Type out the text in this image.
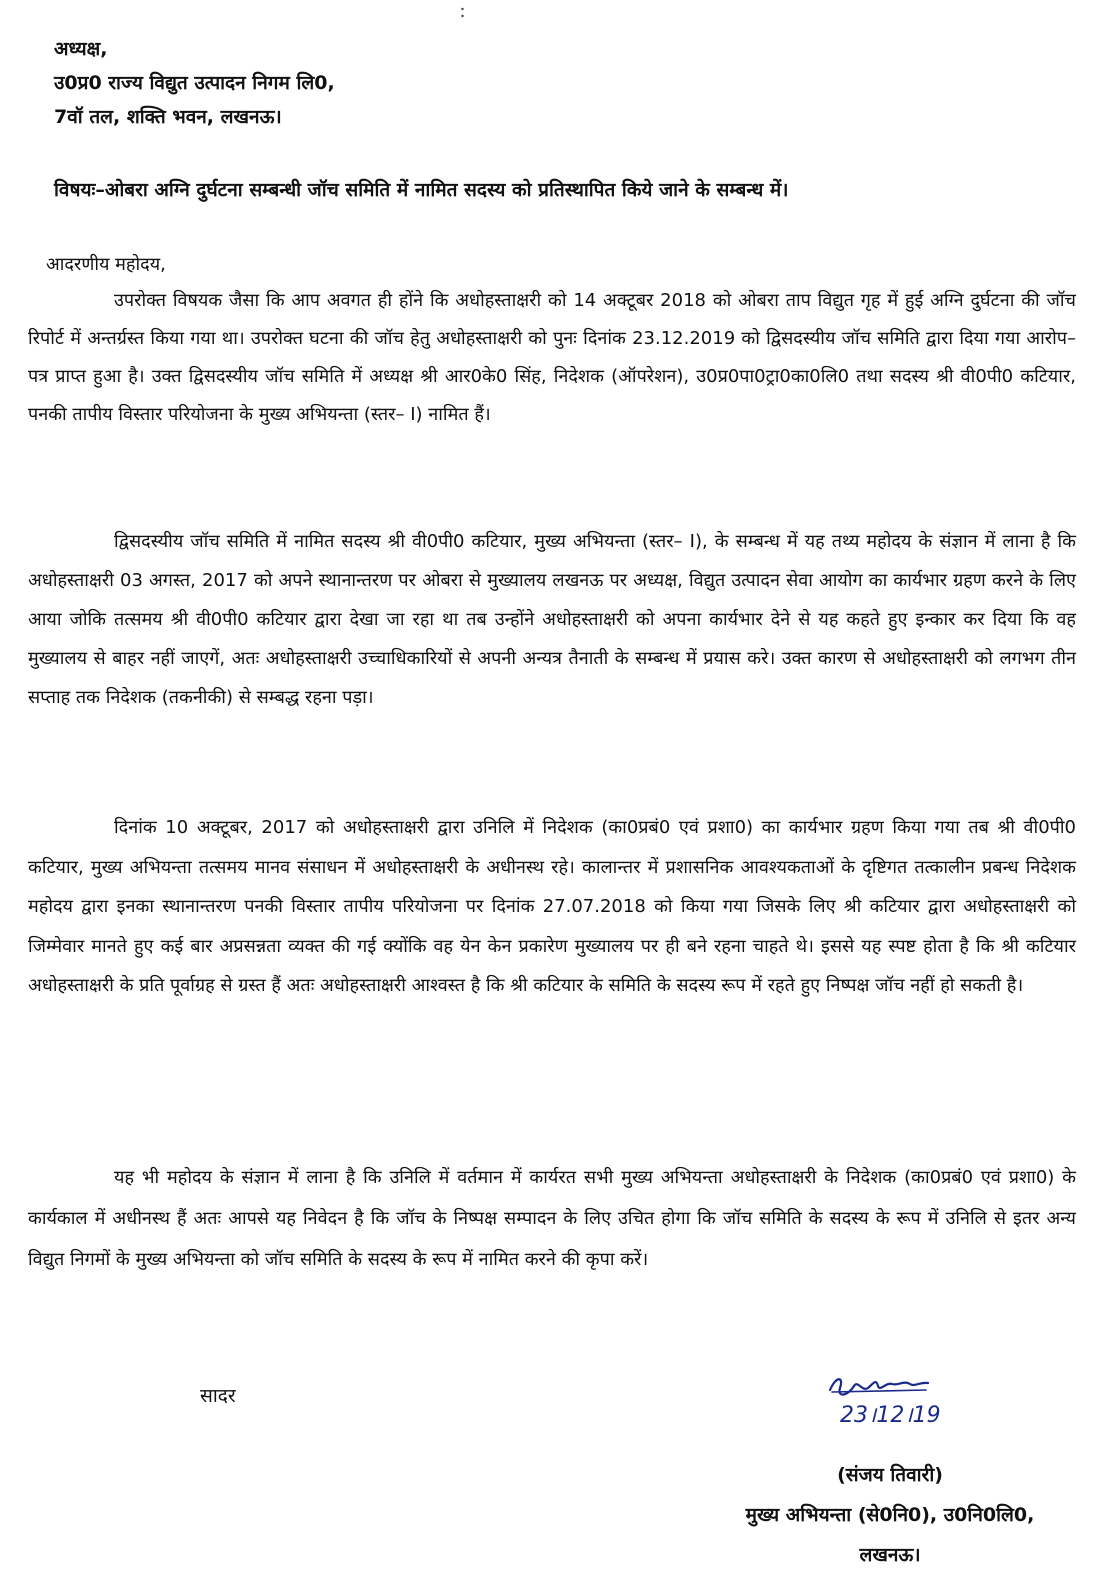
अध्यक्ष,
उ0प्र0 राज्य विद्युत उत्पादन निगम लि0,
7वॉ तल, शक्ति भवन, लखनऊ।
विषयः–ओबरा अग्नि दुर्घटना सम्बन्धी जॉच समिति में नामित सदस्य को प्रतिस्थापित किये जाने के सम्बन्ध में।
आदरणीय महोदय,

उपरोक्त विषयक जैसा कि आप अवगत ही होंने कि अधोहस्ताक्षरी को 14 अक्टूबर 2018 को ओबरा ताप विद्युत गृह में हुई अग्नि दुर्घटना की जॉच रिपोर्ट में अन्तर्ग्रस्त किया गया था। उपरोक्त घटना की जॉच हेतु अधोहस्ताक्षरी को पुनः दिनांक 23.12.2019 को द्विसदस्यीय जॉच समिति द्वारा दिया गया आरोप–पत्र प्राप्त हुआ है। उक्त द्विसदस्यीय जॉच समिति में अध्यक्ष श्री आर0के0 सिंह, निदेशक (ऑपरेशन), उ0प्र0पा0ट्रा0का0लि0 तथा सदस्य श्री वी0पी0 कटियार, पनकी तापीय विस्तार परियोजना के मुख्य अभियन्ता (स्तर– I) नामित हैं।

द्विसदस्यीय जॉच समिति में नामित सदस्य श्री वी0पी0 कटियार, मुख्य अभियन्ता (स्तर– I), के सम्बन्ध में यह तथ्य महोदय के संज्ञान में लाना है कि अधोहस्ताक्षरी 03 अगस्त, 2017 को अपने स्थानान्तरण पर ओबरा से मुख्यालय लखनऊ पर अध्यक्ष, विद्युत उत्पादन सेवा आयोग का कार्यभार ग्रहण करने के लिए आया जोकि तत्समय श्री वी0पी0 कटियार द्वारा देखा जा रहा था तब उन्होंने अधोहस्ताक्षरी को अपना कार्यभार देने से यह कहते हुए इन्कार कर दिया कि वह मुख्यालय से बाहर नहीं जाएगें, अतः अधोहस्ताक्षरी उच्चाधिकारियों से अपनी अन्यत्र तैनाती के सम्बन्ध में प्रयास करे। उक्त कारण से अधोहस्ताक्षरी को लगभग तीन सप्ताह तक निदेशक (तकनीकी) से सम्बद्ध रहना पड़ा।

दिनांक 10 अक्टूबर, 2017 को अधोहस्ताक्षरी द्वारा उनिलि में निदेशक (का0प्रबं0 एवं प्रशा0) का कार्यभार ग्रहण किया गया तब श्री वी0पी0 कटियार, मुख्य अभियन्ता तत्समय मानव संसाधन में अधोहस्ताक्षरी के अधीनस्थ रहे। कालान्तर में प्रशासनिक आवश्यकताओं के दृष्टिगत तत्कालीन प्रबन्ध निदेशक महोदय द्वारा इनका स्थानान्तरण पनकी विस्तार तापीय परियोजना पर दिनांक 27.07.2018 को किया गया जिसके लिए श्री कटियार द्वारा अधोहस्ताक्षरी को जिम्मेवार मानते हुए कई बार अप्रसन्नता व्यक्त की गई क्योंकि वह येन केन प्रकारेण मुख्यालय पर ही बने रहना चाहते थे। इससे यह स्पष्ट होता है कि श्री कटियार अधोहस्ताक्षरी के प्रति पूर्वाग्रह से ग्रस्त हैं अतः अधोहस्ताक्षरी आश्वस्त है कि श्री कटियार के समिति के सदस्य रूप में रहते हुए निष्पक्ष जॉच नहीं हो सकती है।

यह भी महोदय के संज्ञान में लाना है कि उनिलि में वर्तमान में कार्यरत सभी मुख्य अभियन्ता अधोहस्ताक्षरी के निदेशक (का0प्रबं0 एवं प्रशा0) के कार्यकाल में अधीनस्थ हैं अतः आपसे यह निवेदन है कि जॉच के निष्पक्ष सम्पादन के लिए उचित होगा कि जॉच समिति के सदस्य के रूप में उनिलि से इतर अन्य विद्युत निगमों के मुख्य अभियन्ता को जॉच समिति के सदस्य के रूप में नामित करने की कृपा करें।

सादर
23।12।19
(संजय तिवारी)
मुख्य अभियन्ता (से0नि0), उ0नि0लि0,
लखनऊ।
